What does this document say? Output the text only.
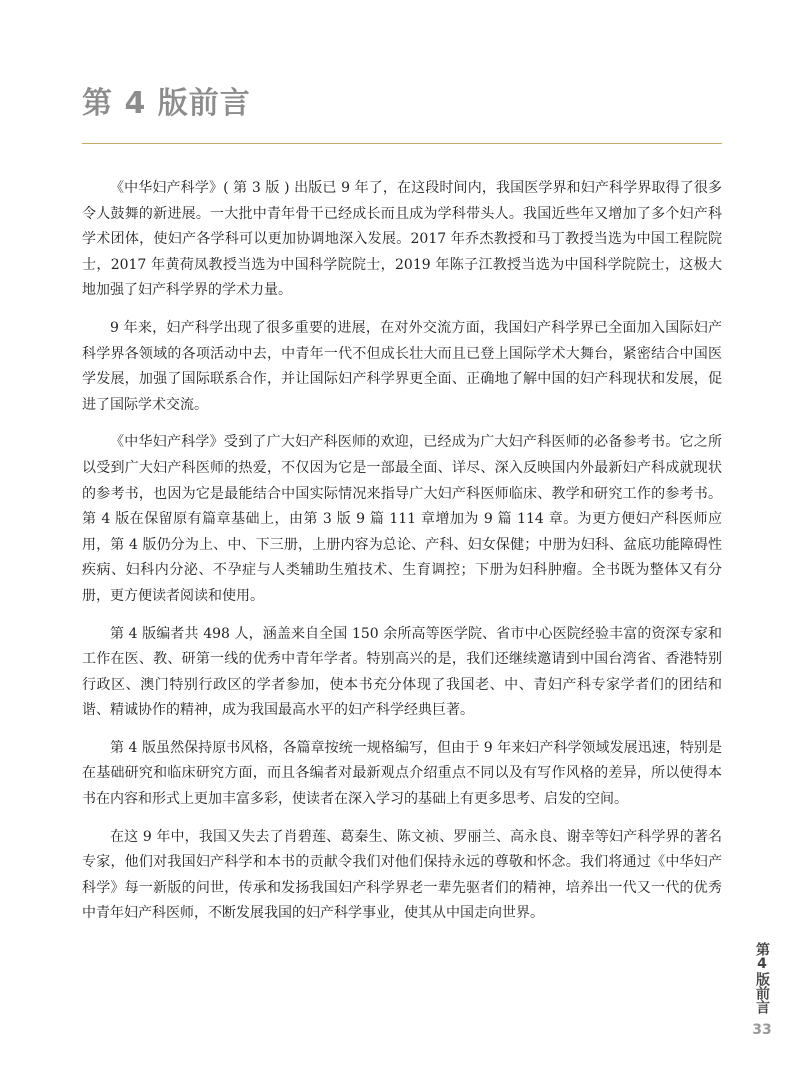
第 4 版前言

《中华妇产科学》( 第 3 版 ) 出版已 9 年了，在这段时间内，我国医学界和妇产科学界取得了很多令人鼓舞的新进展。一大批中青年骨干已经成长而且成为学科带头人。我国近些年又增加了多个妇产科学术团体，使妇产各学科可以更加协调地深入发展。2017 年乔杰教授和马丁教授当选为中国工程院院士，2017 年黄荷凤教授当选为中国科学院院士，2019 年陈子江教授当选为中国科学院院士，这极大地加强了妇产科学界的学术力量。

9 年来，妇产科学出现了很多重要的进展，在对外交流方面，我国妇产科学界已全面加入国际妇产科学界各领域的各项活动中去，中青年一代不但成长壮大而且已登上国际学术大舞台，紧密结合中国医学发展，加强了国际联系合作，并让国际妇产科学界更全面、正确地了解中国的妇产科现状和发展，促进了国际学术交流。

《中华妇产科学》受到了广大妇产科医师的欢迎，已经成为广大妇产科医师的必备参考书。它之所以受到广大妇产科医师的热爱，不仅因为它是一部最全面、详尽、深入反映国内外最新妇产科成就现状的参考书，也因为它是最能结合中国实际情况来指导广大妇产科医师临床、教学和研究工作的参考书。第 4 版在保留原有篇章基础上，由第 3 版 9 篇 111 章增加为 9 篇 114 章。为更方便妇产科医师应用，第 4 版仍分为上、中、下三册，上册内容为总论、产科、妇女保健；中册为妇科、盆底功能障碍性疾病、妇科内分泌、不孕症与人类辅助生殖技术、生育调控；下册为妇科肿瘤。全书既为整体又有分册，更方便读者阅读和使用。

第 4 版编者共 498 人，涵盖来自全国 150 余所高等医学院、省市中心医院经验丰富的资深专家和工作在医、教、研第一线的优秀中青年学者。特别高兴的是，我们还继续邀请到中国台湾省、香港特别行政区、澳门特别行政区的学者参加，使本书充分体现了我国老、中、青妇产科专家学者们的团结和谐、精诚协作的精神，成为我国最高水平的妇产科学经典巨著。

第 4 版虽然保持原书风格，各篇章按统一规格编写，但由于 9 年来妇产科学领域发展迅速，特别是在基础研究和临床研究方面，而且各编者对最新观点介绍重点不同以及有写作风格的差异，所以使得本书在内容和形式上更加丰富多彩，使读者在深入学习的基础上有更多思考、启发的空间。

在这 9 年中，我国又失去了肖碧莲、葛秦生、陈文祯、罗丽兰、高永良、谢幸等妇产科学界的著名专家，他们对我国妇产科学和本书的贡献令我们对他们保持永远的尊敬和怀念。我们将通过《中华妇产科学》每一新版的问世，传承和发扬我国妇产科学界老一辈先驱者们的精神，培养出一代又一代的优秀中青年妇产科医师，不断发展我国的妇产科学事业，使其从中国走向世界。

第4版前言
33
